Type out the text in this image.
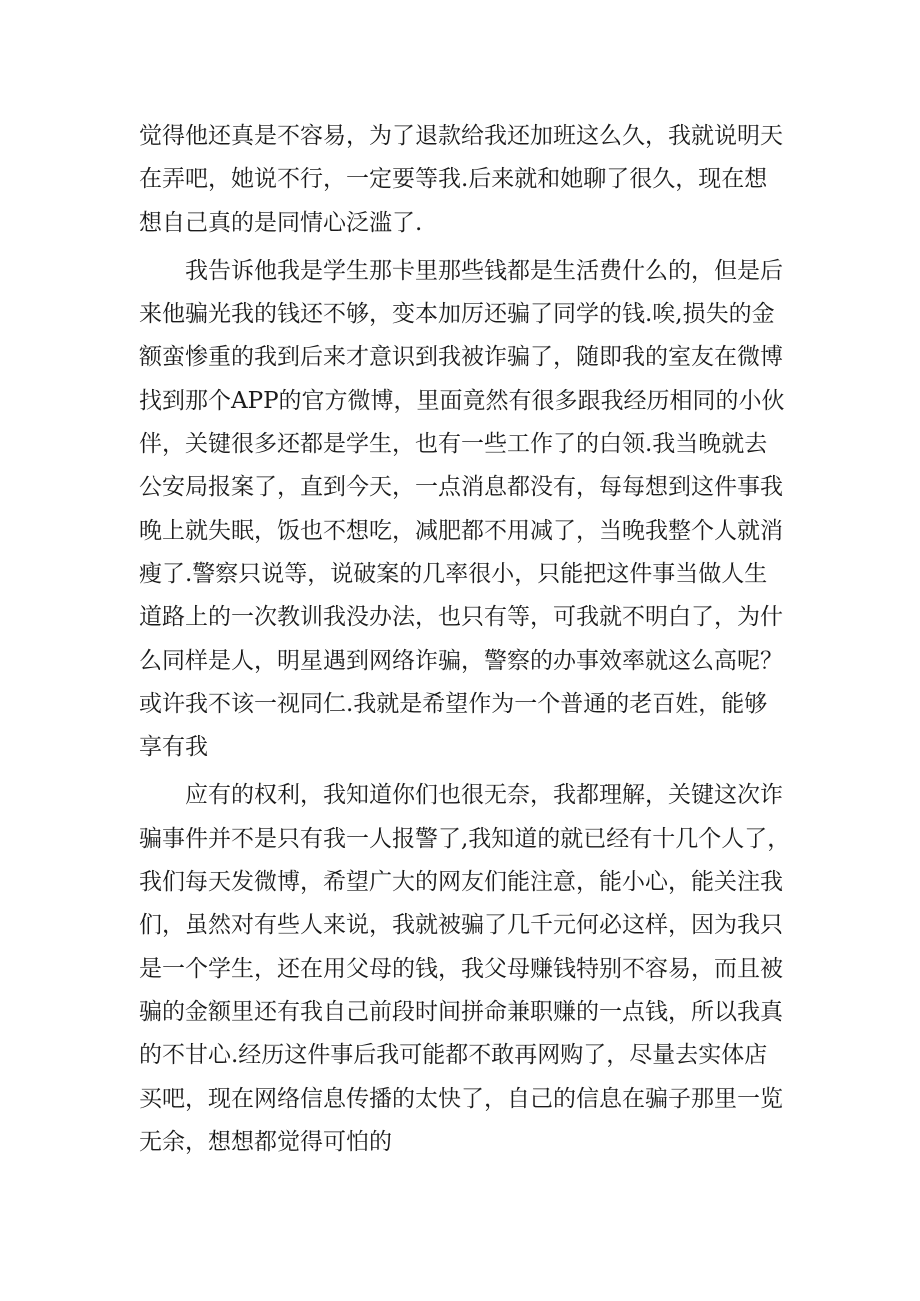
觉得他还真是不容易，为了退款给我还加班这么久，我就说明天
在弄吧，她说不行，一定要等我.后来就和她聊了很久，现在想
想自己真的是同情心泛滥了.
我告诉他我是学生那卡里那些钱都是生活费什么的，但是后
来他骗光我的钱还不够，变本加厉还骗了同学的钱.唉,损失的金
额蛮惨重的我到后来才意识到我被诈骗了，随即我的室友在微博
找到那个APP的官方微博，里面竟然有很多跟我经历相同的小伙
伴，关键很多还都是学生，也有一些工作了的白领.我当晚就去
公安局报案了，直到今天，一点消息都没有，每每想到这件事我
晚上就失眠，饭也不想吃，减肥都不用减了，当晚我整个人就消
瘦了.警察只说等，说破案的几率很小，只能把这件事当做人生
道路上的一次教训我没办法，也只有等，可我就不明白了，为什
么同样是人，明星遇到网络诈骗，警察的办事效率就这么高呢？
或许我不该一视同仁.我就是希望作为一个普通的老百姓，能够
享有我
应有的权利，我知道你们也很无奈，我都理解，关键这次诈
骗事件并不是只有我一人报警了,我知道的就已经有十几个人了，
我们每天发微博，希望广大的网友们能注意，能小心，能关注我
们，虽然对有些人来说，我就被骗了几千元何必这样，因为我只
是一个学生，还在用父母的钱，我父母赚钱特别不容易，而且被
骗的金额里还有我自己前段时间拼命兼职赚的一点钱，所以我真
的不甘心.经历这件事后我可能都不敢再网购了，尽量去实体店
买吧，现在网络信息传播的太快了，自己的信息在骗子那里一览
无余，想想都觉得可怕的
